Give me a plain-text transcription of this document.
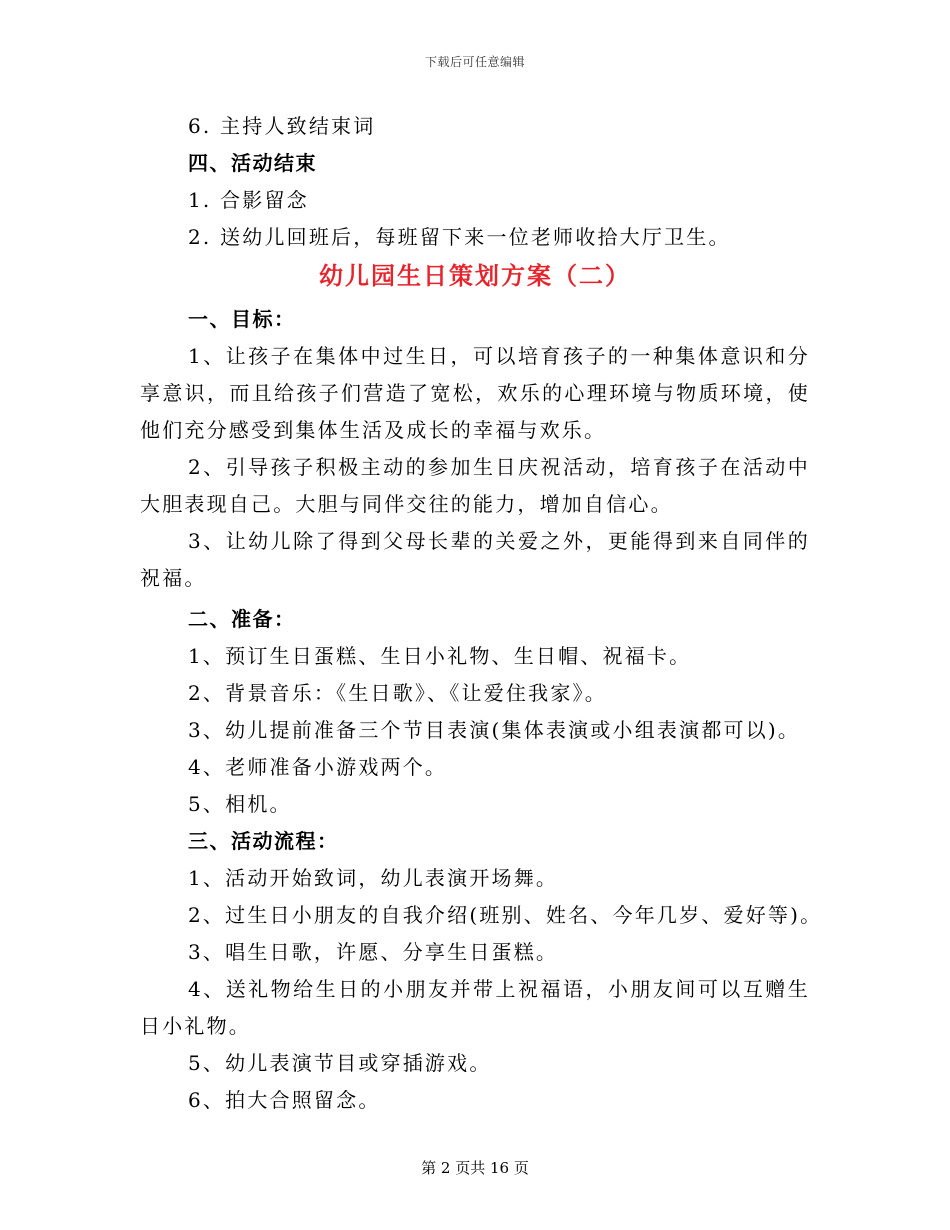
下载后可任意编辑
6. 主持人致结束词
四、活动结束
1. 合影留念
2. 送幼儿回班后，每班留下来一位老师收拾大厅卫生。
幼儿园生日策划方案（二）
一、目标：
1、让孩子在集体中过生日，可以培育孩子的一种集体意识和分享意识，而且给孩子们营造了宽松，欢乐的心理环境与物质环境，使他们充分感受到集体生活及成长的幸福与欢乐。
2、引导孩子积极主动的参加生日庆祝活动，培育孩子在活动中大胆表现自己。大胆与同伴交往的能力，增加自信心。
3、让幼儿除了得到父母长辈的关爱之外，更能得到来自同伴的祝福。
二、准备：
1、预订生日蛋糕、生日小礼物、生日帽、祝福卡。
2、背景音乐：《生日歌》、《让爱住我家》。
3、幼儿提前准备三个节目表演(集体表演或小组表演都可以)。
4、老师准备小游戏两个。
5、相机。
三、活动流程：
1、活动开始致词，幼儿表演开场舞。
2、过生日小朋友的自我介绍(班别、姓名、今年几岁、爱好等)。
3、唱生日歌，许愿、分享生日蛋糕。
4、送礼物给生日的小朋友并带上祝福语，小朋友间可以互赠生日小礼物。
5、幼儿表演节目或穿插游戏。
6、拍大合照留念。
第 2 页共 16 页
